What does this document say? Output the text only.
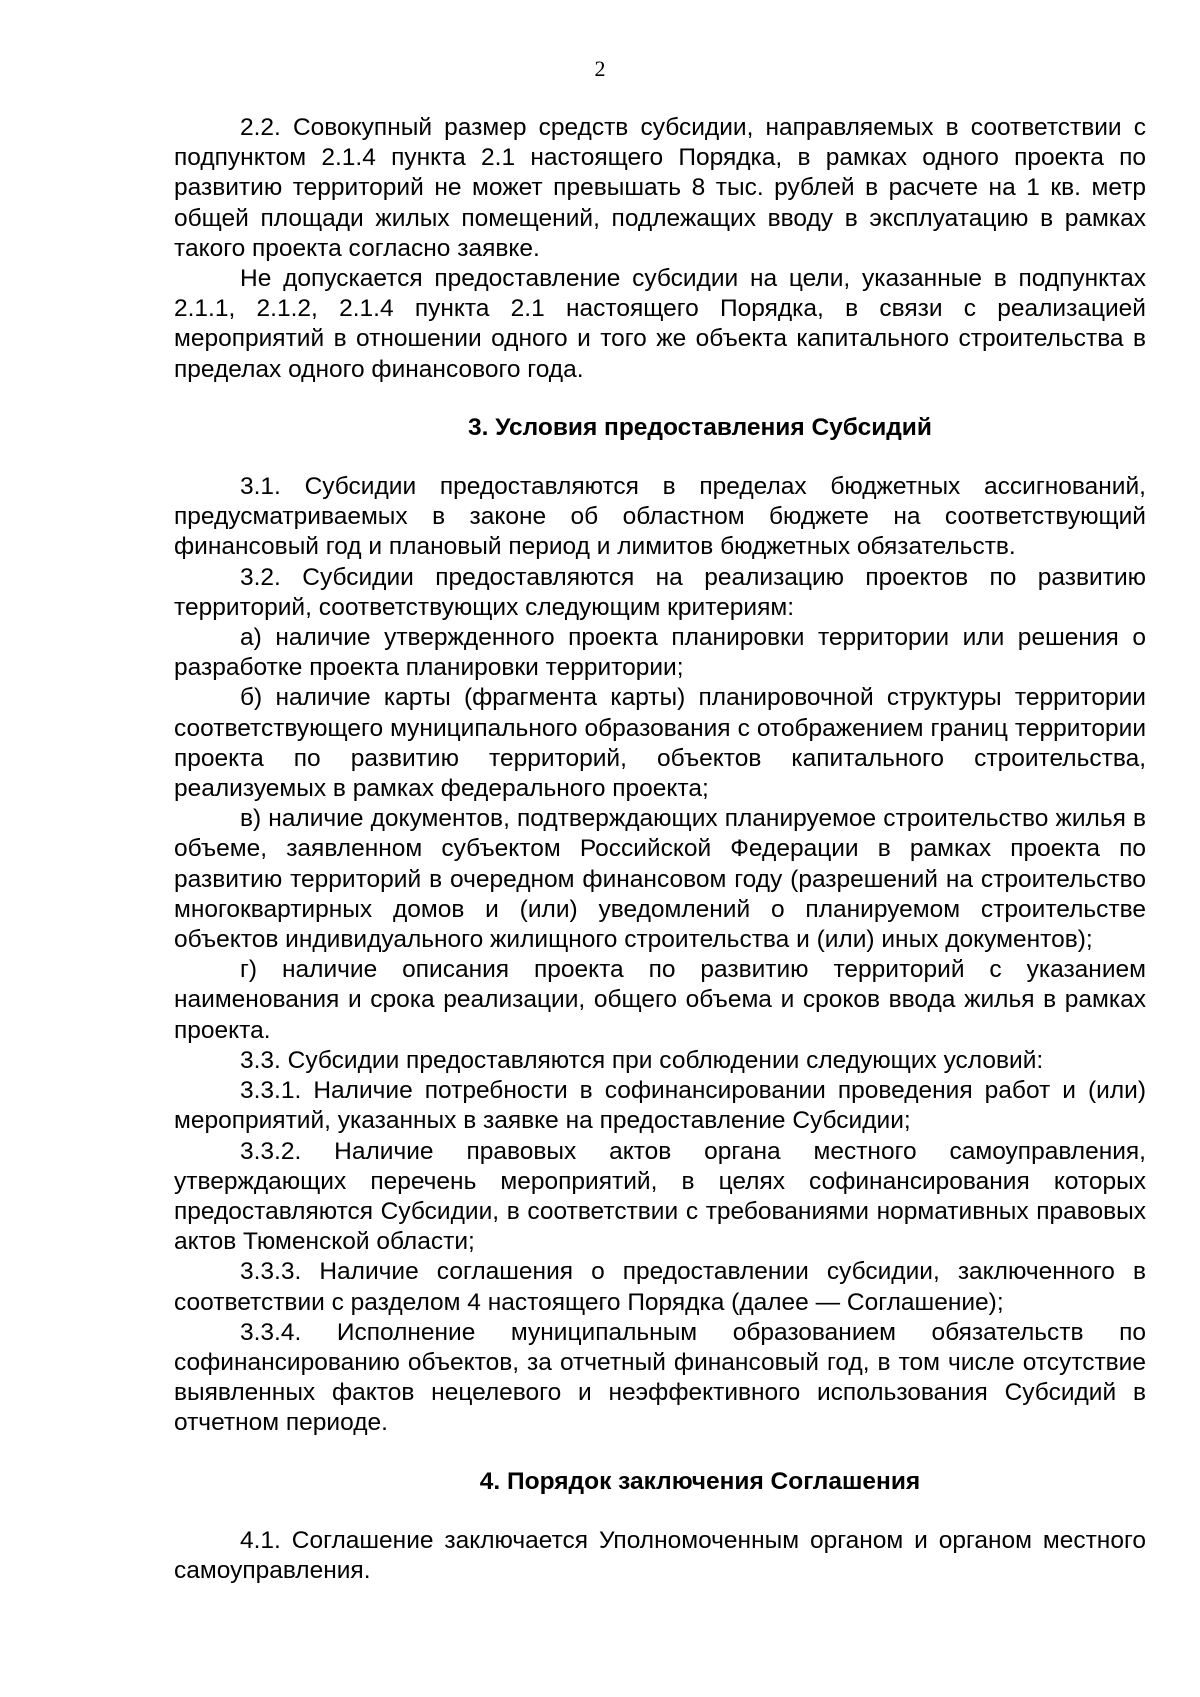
2

2.2. Совокупный размер средств субсидии, направляемых в соответствии с подпунктом 2.1.4 пункта 2.1 настоящего Порядка, в рамках одного проекта по развитию территорий не может превышать 8 тыс. рублей в расчете на 1 кв. метр общей площади жилых помещений, подлежащих вводу в эксплуатацию в рамках такого проекта согласно заявке.

Не допускается предоставление субсидии на цели, указанные в подпунктах 2.1.1, 2.1.2, 2.1.4 пункта 2.1 настоящего Порядка, в связи с реализацией мероприятий в отношении одного и того же объекта капитального строительства в пределах одного финансового года.

3. Условия предоставления Субсидий

3.1. Субсидии предоставляются в пределах бюджетных ассигнований, предусматриваемых в законе об областном бюджете на соответствующий финансовый год и плановый период и лимитов бюджетных обязательств.

3.2. Субсидии предоставляются на реализацию проектов по развитию территорий, соответствующих следующим критериям:

а) наличие утвержденного проекта планировки территории или решения о разработке проекта планировки территории;

б) наличие карты (фрагмента карты) планировочной структуры территории соответствующего муниципального образования с отображением границ территории проекта по развитию территорий, объектов капитального строительства, реализуемых в рамках федерального проекта;

в) наличие документов, подтверждающих планируемое строительство жилья в объеме, заявленном субъектом Российской Федерации в рамках проекта по развитию территорий в очередном финансовом году (разрешений на строительство многоквартирных домов и (или) уведомлений о планируемом строительстве объектов индивидуального жилищного строительства и (или) иных документов);

г) наличие описания проекта по развитию территорий с указанием наименования и срока реализации, общего объема и сроков ввода жилья в рамках проекта.

3.3. Субсидии предоставляются при соблюдении следующих условий:

3.3.1. Наличие потребности в софинансировании проведения работ и (или) мероприятий, указанных в заявке на предоставление Субсидии;

3.3.2. Наличие правовых актов органа местного самоуправления, утверждающих перечень мероприятий, в целях софинансирования которых предоставляются Субсидии, в соответствии с требованиями нормативных правовых актов Тюменской области;

3.3.3. Наличие соглашения о предоставлении субсидии, заключенного в соответствии с разделом 4 настоящего Порядка (далее — Соглашение);

3.3.4. Исполнение муниципальным образованием обязательств по софинансированию объектов, за отчетный финансовый год, в том числе отсутствие выявленных фактов нецелевого и неэффективного использования Субсидий в отчетном периоде.

4. Порядок заключения Соглашения

4.1. Соглашение заключается Уполномоченным органом и органом местного самоуправления.
